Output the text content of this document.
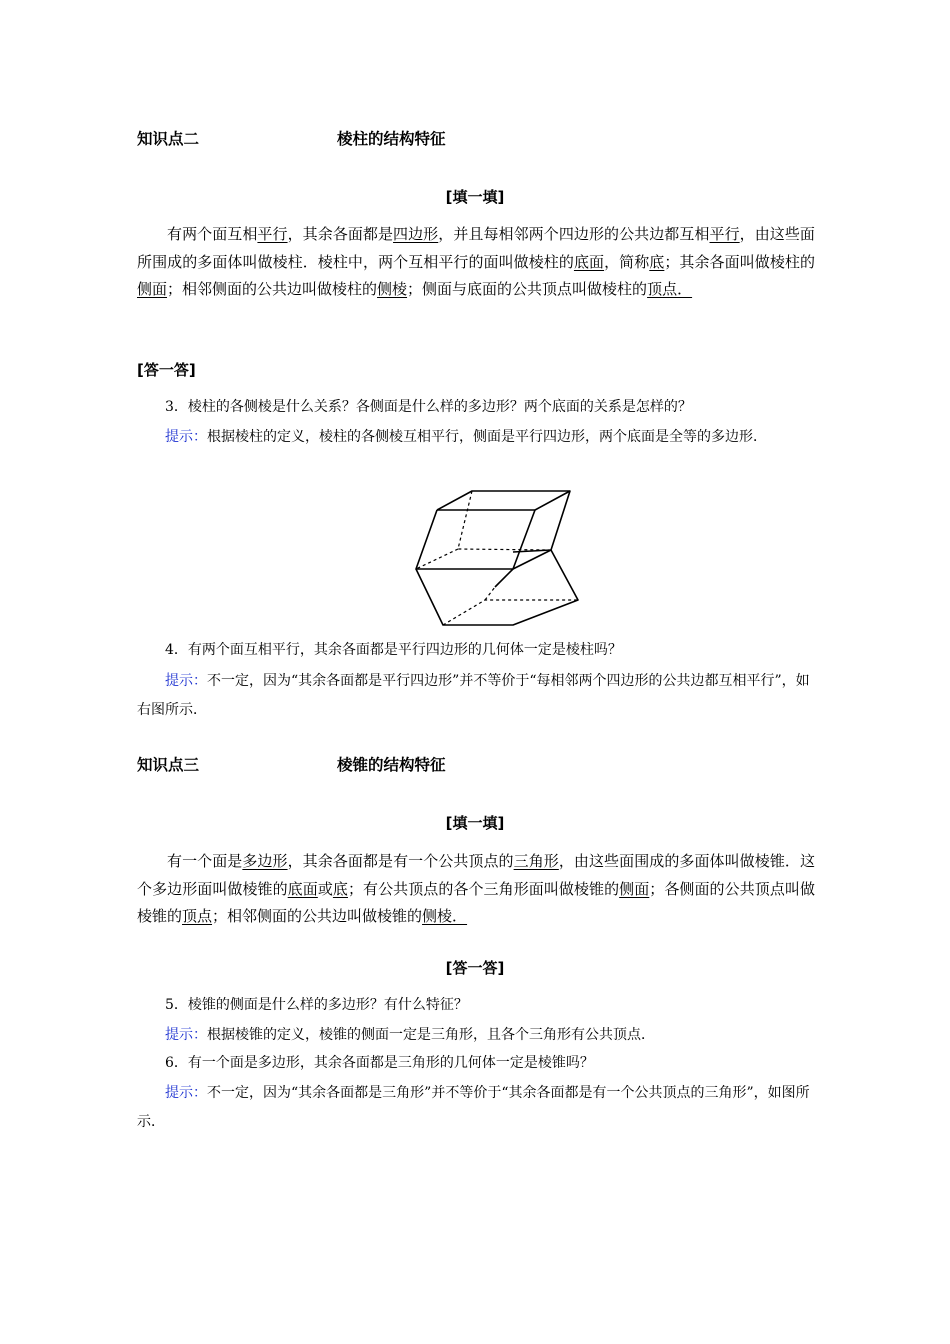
知识点二	棱柱的结构特征
[填一填]
有两个面互相平行，其余各面都是四边形，并且每相邻两个四边形的公共边都互相平行，由这些面所围成的多面体叫做棱柱．棱柱中，两个互相平行的面叫做棱柱的底面，简称底；其余各面叫做棱柱的侧面；相邻侧面的公共边叫做棱柱的侧棱；侧面与底面的公共顶点叫做棱柱的顶点．
[答一答]
3．棱柱的各侧棱是什么关系？各侧面是什么样的多边形？两个底面的关系是怎样的？
提示：根据棱柱的定义，棱柱的各侧棱互相平行，侧面是平行四边形，两个底面是全等的多边形．
4．有两个面互相平行，其余各面都是平行四边形的几何体一定是棱柱吗？
提示：不一定，因为“其余各面都是平行四边形”并不等价于“每相邻两个四边形的公共边都互相平行”，如右图所示．
知识点三	棱锥的结构特征
[填一填]
有一个面是多边形，其余各面都是有一个公共顶点的三角形，由这些面围成的多面体叫做棱锥．这个多边形面叫做棱锥的底面或底；有公共顶点的各个三角形面叫做棱锥的侧面；各侧面的公共顶点叫做棱锥的顶点；相邻侧面的公共边叫做棱锥的侧棱．
[答一答]
5．棱锥的侧面是什么样的多边形？有什么特征？
提示：根据棱锥的定义，棱锥的侧面一定是三角形，且各个三角形有公共顶点．
6．有一个面是多边形，其余各面都是三角形的几何体一定是棱锥吗？
提示：不一定，因为“其余各面都是三角形”并不等价于“其余各面都是有一个公共顶点的三角形”，如图所示．
